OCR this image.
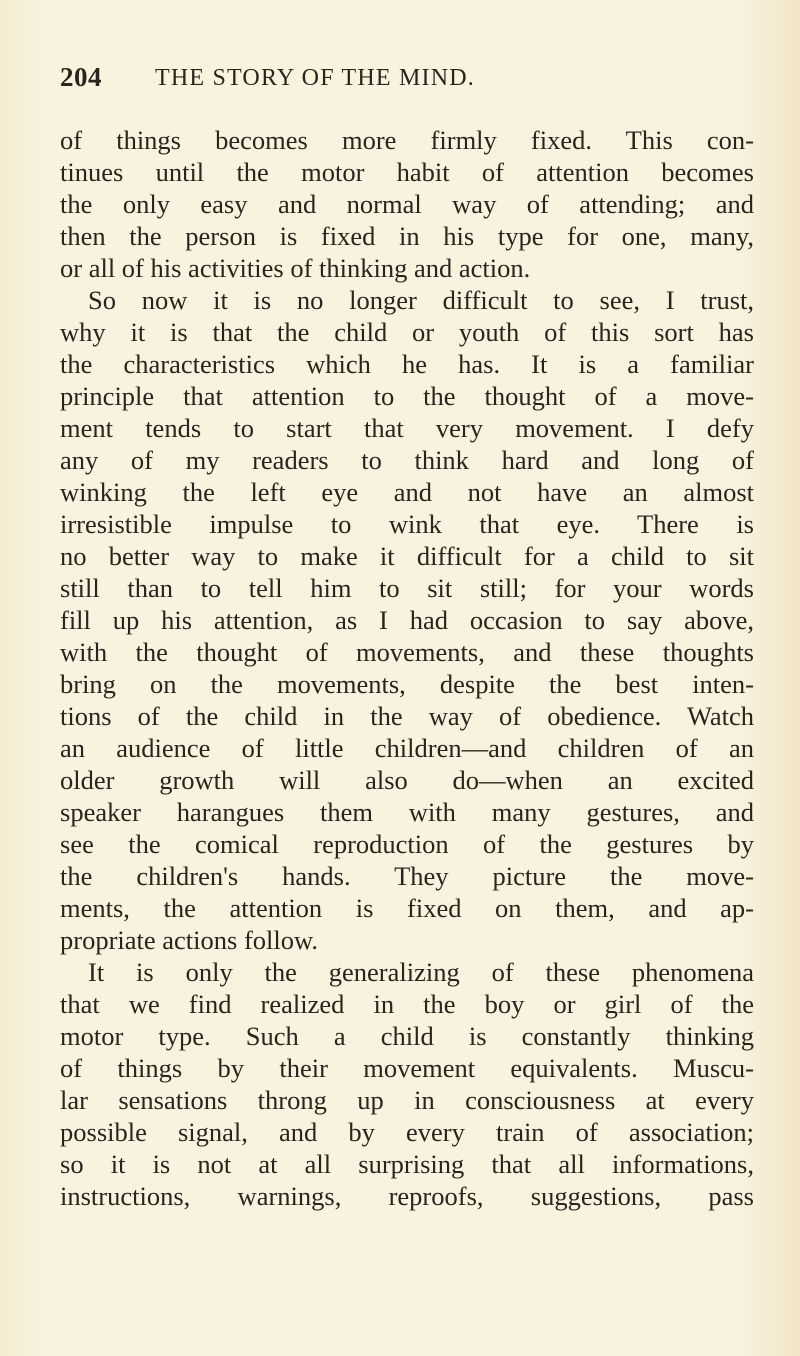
204 THE STORY OF THE MIND.
of things becomes more firmly fixed. This con-
tinues until the motor habit of attention becomes
the only easy and normal way of attending; and
then the person is fixed in his type for one, many,
or all of his activities of thinking and action.
So now it is no longer difficult to see, I trust,
why it is that the child or youth of this sort has
the characteristics which he has. It is a familiar
principle that attention to the thought of a move-
ment tends to start that very movement. I defy
any of my readers to think hard and long of
winking the left eye and not have an almost
irresistible impulse to wink that eye. There is
no better way to make it difficult for a child to sit
still than to tell him to sit still; for your words
fill up his attention, as I had occasion to say above,
with the thought of movements, and these thoughts
bring on the movements, despite the best inten-
tions of the child in the way of obedience. Watch
an audience of little children—and children of an
older growth will also do—when an excited
speaker harangues them with many gestures, and
see the comical reproduction of the gestures by
the children's hands. They picture the move-
ments, the attention is fixed on them, and ap-
propriate actions follow.
It is only the generalizing of these phenomena
that we find realized in the boy or girl of the
motor type. Such a child is constantly thinking
of things by their movement equivalents. Muscu-
lar sensations throng up in consciousness at every
possible signal, and by every train of association;
so it is not at all surprising that all informations,
instructions, warnings, reproofs, suggestions, pass
